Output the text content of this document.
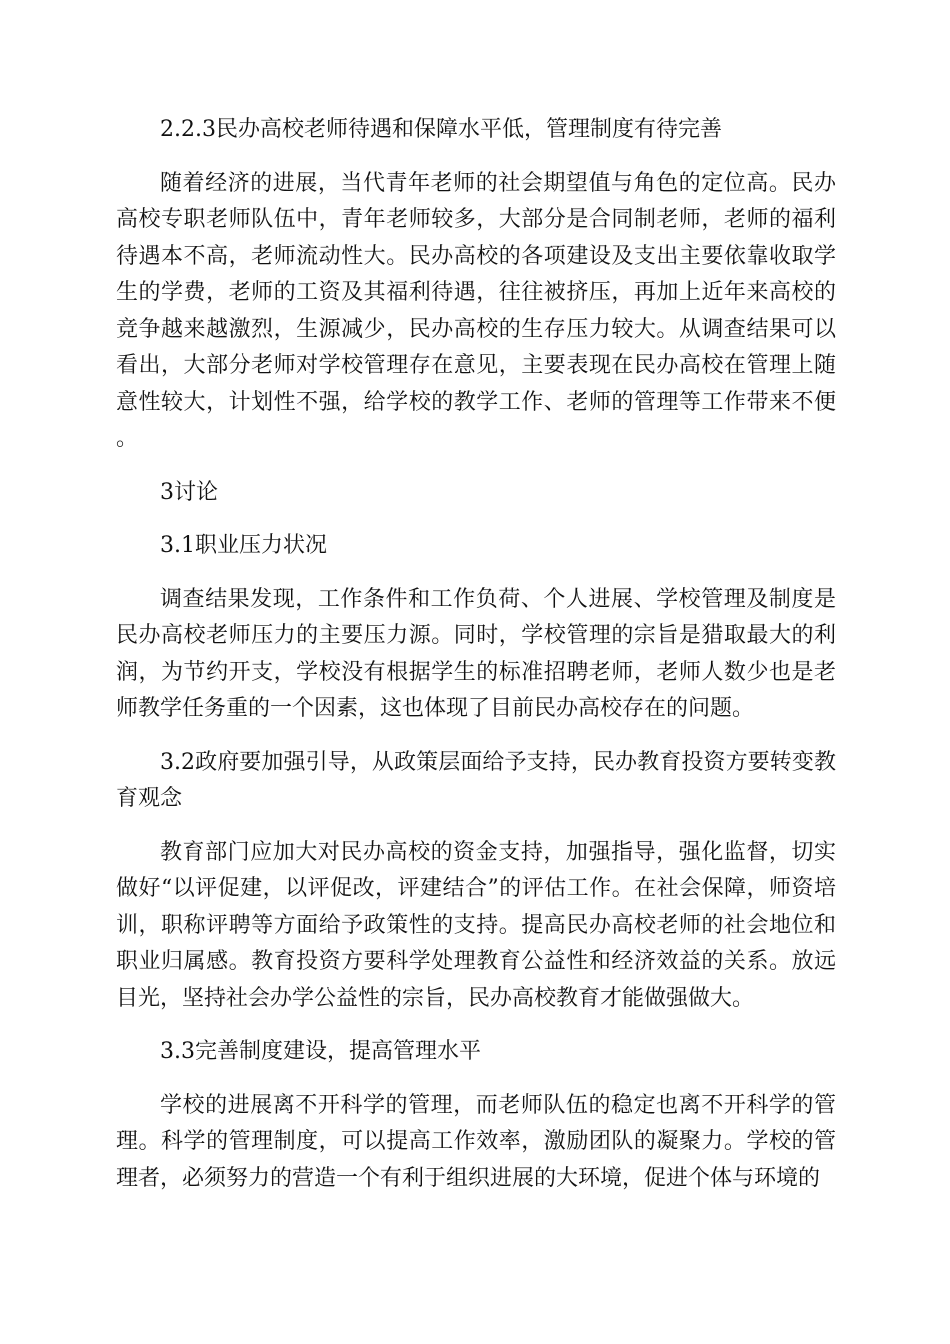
2.2.3民办高校老师待遇和保障水平低，管理制度有待完善
随着经济的进展，当代青年老师的社会期望值与角色的定位高。民办高校专职老师队伍中，青年老师较多，大部分是合同制老师，老师的福利待遇本不高，老师流动性大。民办高校的各项建设及支出主要依靠收取学生的学费，老师的工资及其福利待遇，往往被挤压，再加上近年来高校的竞争越来越激烈，生源减少，民办高校的生存压力较大。从调查结果可以看出，大部分老师对学校管理存在意见，主要表现在民办高校在管理上随意性较大，计划性不强，给学校的教学工作、老师的管理等工作带来不便。
3讨论
3.1职业压力状况
调查结果发现，工作条件和工作负荷、个人进展、学校管理及制度是民办高校老师压力的主要压力源。同时，学校管理的宗旨是猎取最大的利润，为节约开支，学校没有根据学生的标准招聘老师，老师人数少也是老师教学任务重的一个因素，这也体现了目前民办高校存在的问题。
3.2政府要加强引导，从政策层面给予支持，民办教育投资方要转变教育观念
教育部门应加大对民办高校的资金支持，加强指导，强化监督，切实做好“以评促建，以评促改，评建结合”的评估工作。在社会保障，师资培训，职称评聘等方面给予政策性的支持。提高民办高校老师的社会地位和职业归属感。教育投资方要科学处理教育公益性和经济效益的关系。放远目光，坚持社会办学公益性的宗旨，民办高校教育才能做强做大。
3.3完善制度建设，提高管理水平
学校的进展离不开科学的管理，而老师队伍的稳定也离不开科学的管理。科学的管理制度，可以提高工作效率，激励团队的凝聚力。学校的管理者，必须努力的营造一个有利于组织进展的大环境，促进个体与环境的
